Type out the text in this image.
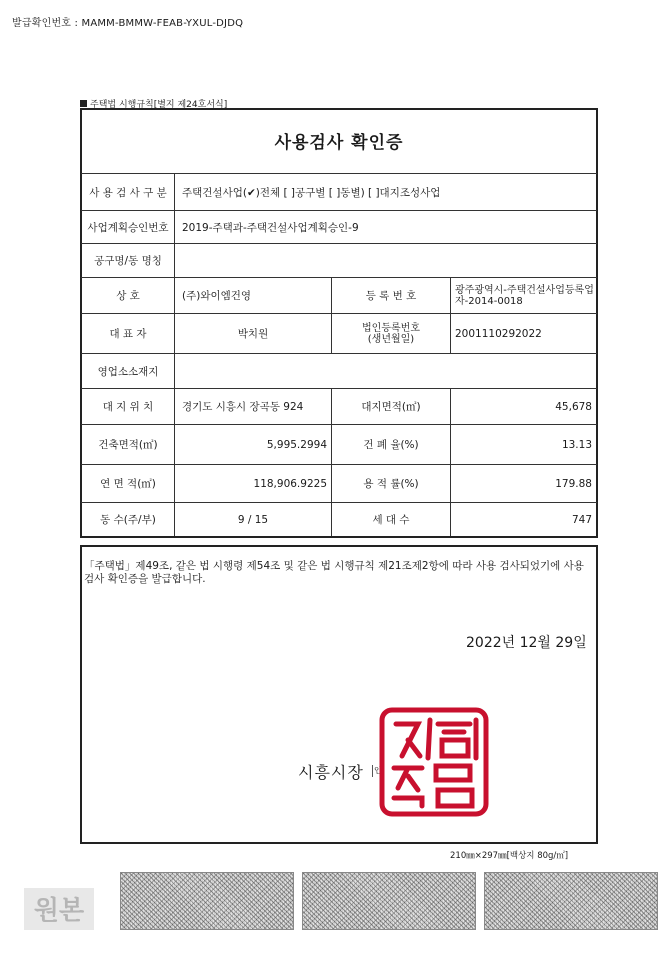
발급확인번호 : MAMM-BMMW-FEAB-YXUL-DJDQ
주택법 시행규칙[별지 제24호서식]
사용검사 확인증
사 용 검 사 구 분	주택건설사업(✔)전체 [ ]공구별 [ ]동별) [ ]대지조성사업
사업계획승인번호	2019-주택과-주택건설사업계획승인-9
공구명/동 명칭
상 호	(주)와이엠건영	등 록 번 호	광주광역시-주택건설사업등록업자-2014-0018
대 표 자	박치원	법인등록번호 (생년월일)	2001110292022
영업소소재지
대 지 위 치	경기도 시흥시 장곡동 924	대지면적(㎡)	45,678
건축면적(㎡)	5,995.2994	건 폐 율(%)	13.13
연 면 적(㎡)	118,906.9225	용 적 률(%)	179.88
동 수(주/부)	9 / 15	세 대 수	747
「주택법」제49조, 같은 법 시행령 제54조 및 같은 법 시행규칙 제21조제2항에 따라 사용 검사되었기에 사용검사 확인증을 발급합니다.
2022년 12월 29일
시흥시장 인
210㎜×297㎜[백상지 80g/㎡]
원본
